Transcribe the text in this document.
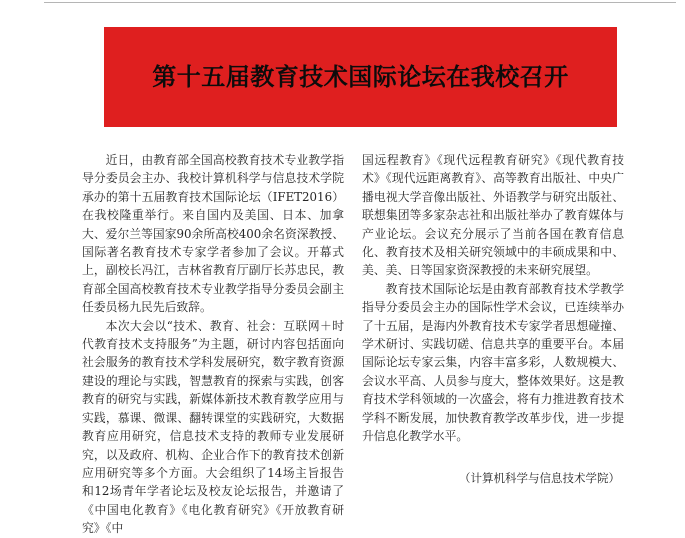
第十五届教育技术国际论坛在我校召开

近日，由教育部全国高校教育技术专业教学指导分委员会主办、我校计算机科学与信息技术学院承办的第十五届教育技术国际论坛（IFET2016）在我校隆重举行。来自国内及美国、日本、加拿大、爱尔兰等国家90余所高校400余名资深教授、国际著名教育技术专家学者参加了会议。开幕式上，副校长冯江，吉林省教育厅副厅长苏忠民，教育部全国高校教育技术专业教学指导分委员会副主任委员杨九民先后致辞。

本次大会以“技术、教育、社会：互联网＋时代教育技术支持服务”为主题，研讨内容包括面向社会服务的教育技术学科发展研究，数字教育资源建设的理论与实践，智慧教育的探索与实践，创客教育的研究与实践，新媒体新技术教育教学应用与实践，慕课、微课、翻转课堂的实践研究，大数据教育应用研究，信息技术支持的教师专业发展研究，以及政府、机构、企业合作下的教育技术创新应用研究等多个方面。大会组织了14场主旨报告和12场青年学者论坛及校友论坛报告，并邀请了《中国电化教育》《电化教育研究》《开放教育研究》《中

国远程教育》《现代远程教育研究》《现代教育技术》《现代远距离教育》、高等教育出版社、中央广播电视大学音像出版社、外语教学与研究出版社、联想集团等多家杂志社和出版社举办了教育媒体与产业论坛。会议充分展示了当前各国在教育信息化、教育技术及相关研究领域中的丰硕成果和中、美、美、日等国家资深教授的未来研究展望。

教育技术国际论坛是由教育部教育技术学教学指导分委员会主办的国际性学术会议，已连续举办了十五届，是海内外教育技术专家学者思想碰撞、学术研讨、实践切磋、信息共享的重要平台。本届国际论坛专家云集，内容丰富多彩，人数规模大、会议水平高、人员参与度大，整体效果好。这是教育技术学科领域的一次盛会，将有力推进教育技术学科不断发展，加快教育教学改革步伐，进一步提升信息化教学水平。

（计算机科学与信息技术学院）
